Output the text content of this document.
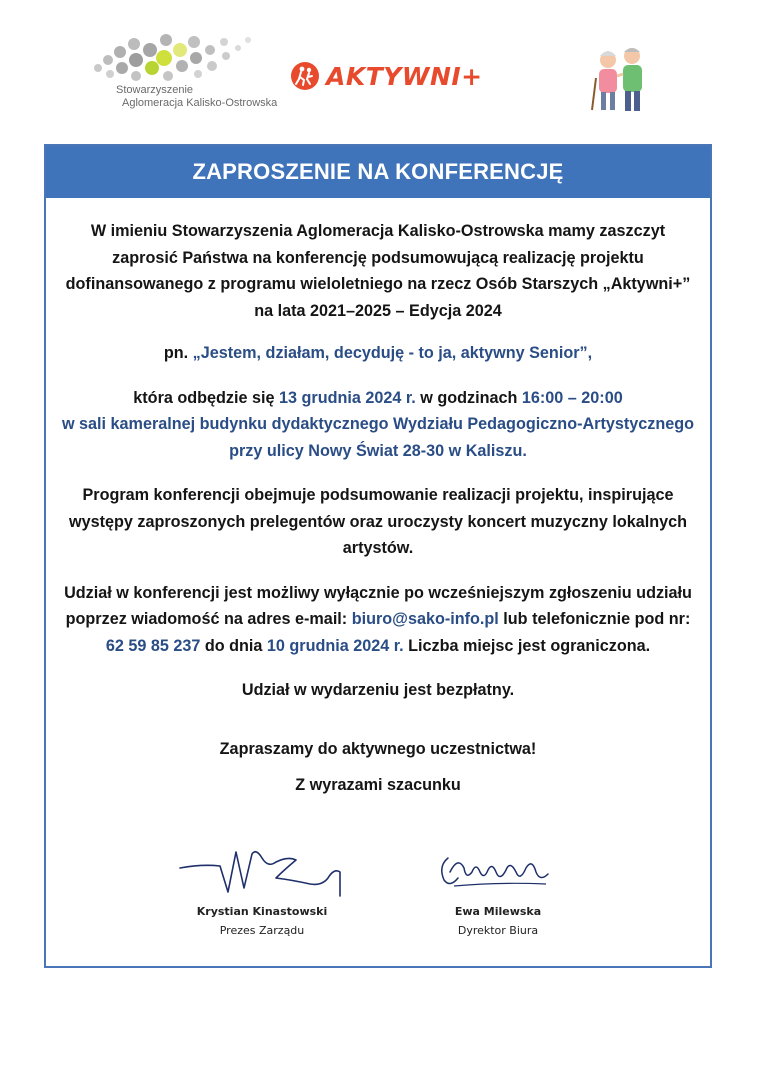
Stowarzyszenie
Aglomeracja Kalisko-Ostrowska
AKTYWNI+
ZAPROSZENIE NA KONFERENCJĘ

W imieniu Stowarzyszenia Aglomeracja Kalisko-Ostrowska mamy zaszczyt zaprosić Państwa na konferencję podsumowującą realizację projektu dofinansowanego z programu wieloletniego na rzecz Osób Starszych „Aktywni+” na lata 2021–2025 – Edycja 2024

pn. „Jestem, działam, decyduję - to ja, aktywny Senior”,

która odbędzie się 13 grudnia 2024 r. w godzinach 16:00 – 20:00
w sali kameralnej budynku dydaktycznego Wydziału Pedagogiczno-Artystycznego przy ulicy Nowy Świat 28-30 w Kaliszu.

Program konferencji obejmuje podsumowanie realizacji projektu, inspirujące występy zaproszonych prelegentów oraz uroczysty koncert muzyczny lokalnych artystów.

Udział w konferencji jest możliwy wyłącznie po wcześniejszym zgłoszeniu udziału poprzez wiadomość na adres e-mail: biuro@sako-info.pl lub telefonicznie pod nr: 62 59 85 237 do dnia 10 grudnia 2024 r. Liczba miejsc jest ograniczona.

Udział w wydarzeniu jest bezpłatny.

Zapraszamy do aktywnego uczestnictwa!

Z wyrazami szacunku

Krystian Kinastowski
Prezes Zarządu
Ewa Milewska
Dyrektor Biura
